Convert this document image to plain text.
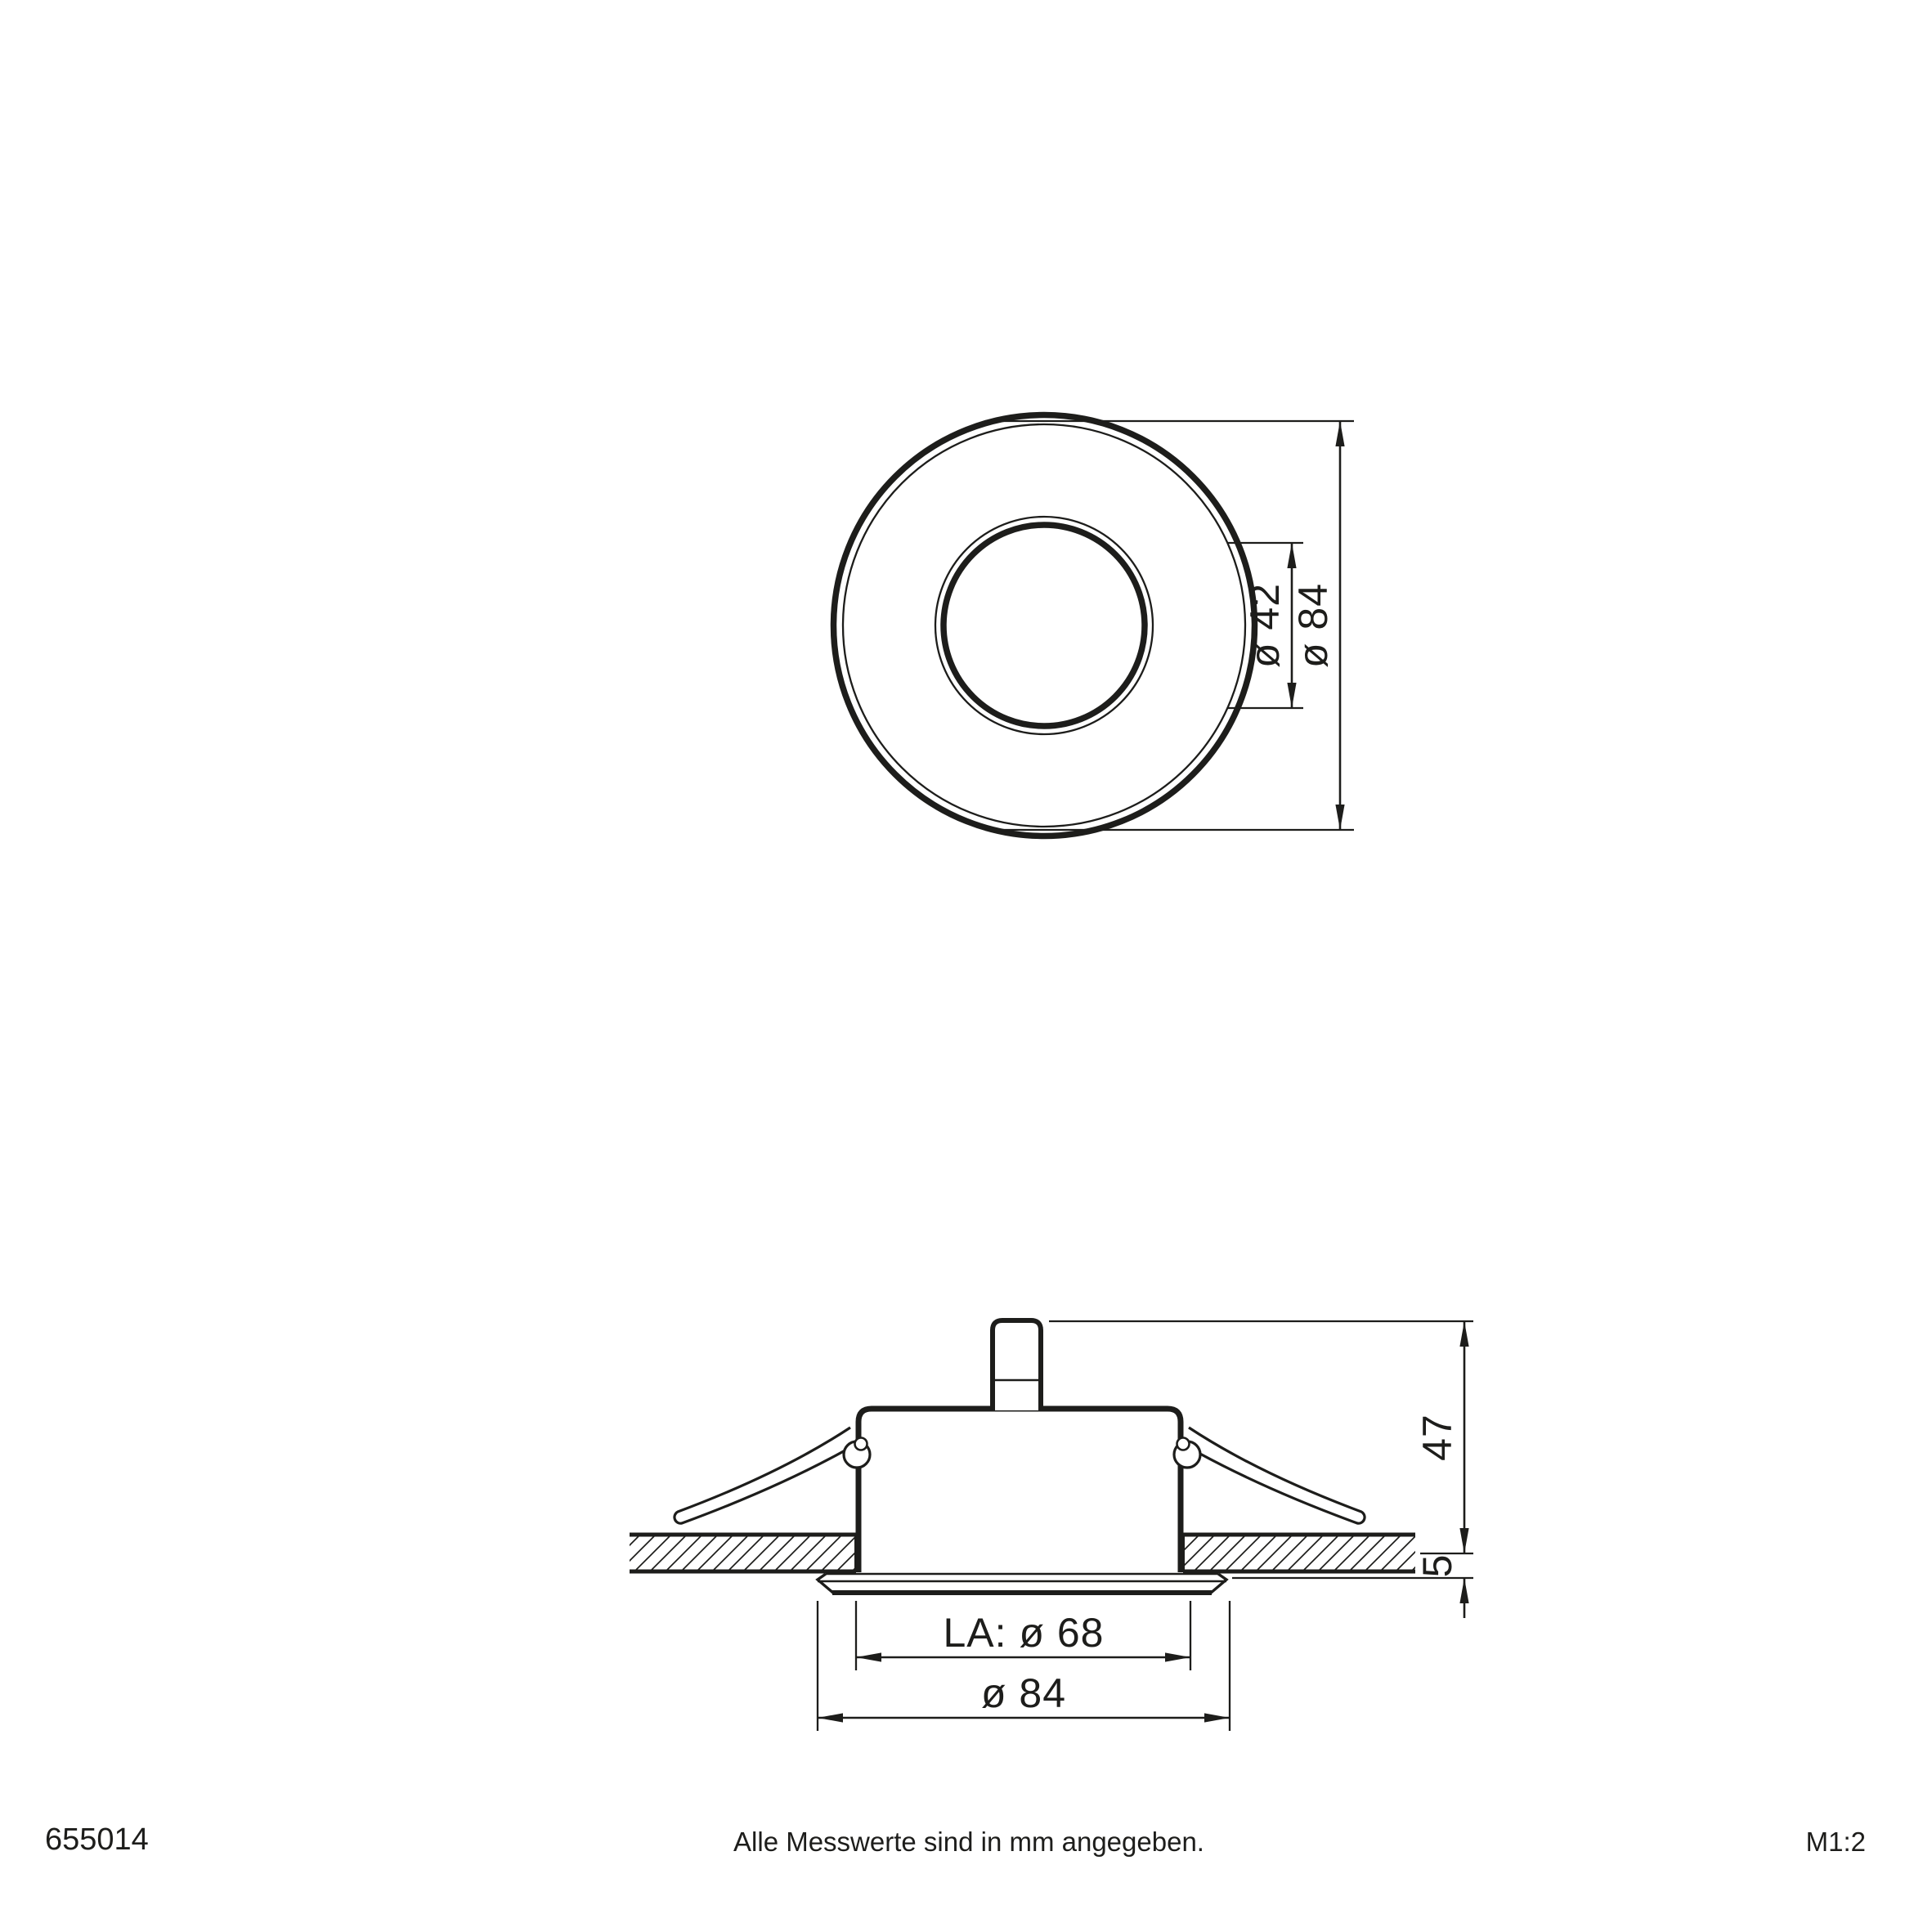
ø 42 ø 84
47
5
LA: ø 68
ø 84
655014	Alle Messwerte sind in mm angegeben.	M1:2
